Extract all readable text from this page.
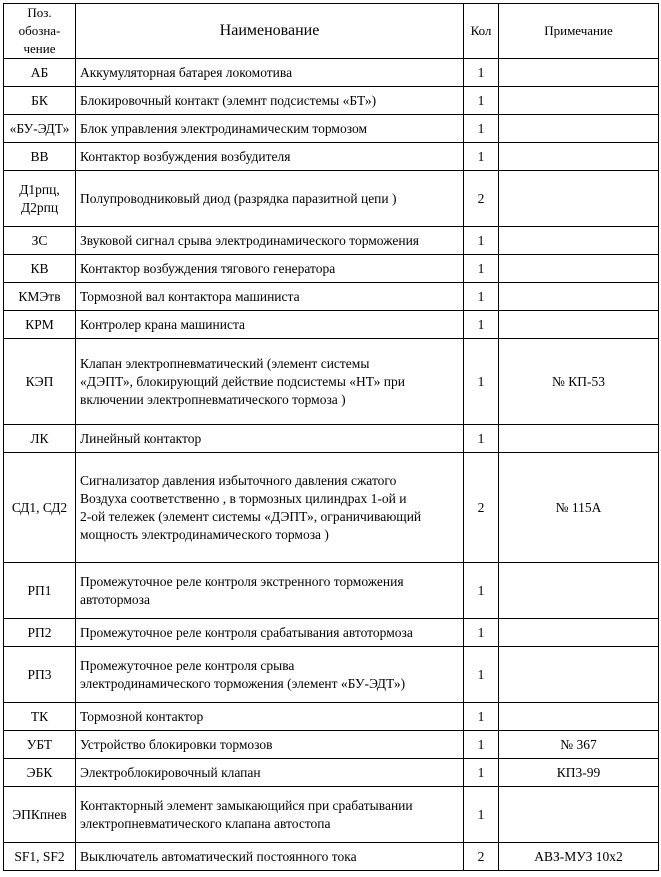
Поз.
обозна-
чение	Наименование	Кол	Примечание
АБ	Аккумуляторная батарея локомотива	1	
БК	Блокировочный контакт (элемнт подсистемы «БТ»)	1	
«БУ-ЭДТ»	Блок управления электродинамическим тормозом	1	
ВВ	Контактор возбуждения возбудителя	1	
Д1рпц,
Д2рпц	Полупроводниковый диод (разрядка паразитной цепи )	2	
ЗС	Звуковой сигнал срыва электродинамического торможения	1	
КВ	Контактор возбуждения тягового генератора	1	
КМЭтв	Тормозной вал контактора машиниста	1	
КРМ	Контролер крана машиниста	1	
КЭП	Клапан электропневматический (элемент системы
«ДЭПТ», блокирующий действие подсистемы «НТ» при
включении электропневматического тормоза )	1	№ КП-53
ЛК	Линейный контактор	1	
СД1, СД2	Сигнализатор давления избыточного давления сжатого
Воздуха соответственно , в тормозных цилиндрах 1-ой и
2-ой тележек (элемент системы «ДЭПТ», ограничивающий
мощность электродинамического тормоза )	2	№ 115А
РП1	Промежуточное реле контроля экстренного торможения
автотормоза	1	
РП2	Промежуточное реле контроля срабатывания автотормоза	1	
РП3	Промежуточное реле контроля срыва
электродинамического торможения (элемент «БУ-ЭДТ»)	1	
ТК	Тормозной контактор	1	
УБТ	Устройство блокировки тормозов	1	№ 367
ЭБК	Электроблокировочный клапан	1	КП3-99
ЭПКпнев	Контакторный элемент замыкающийся при срабатывании
электропневматического клапана автостопа	1	
SF1, SF2	Выключатель автоматический постоянного тока	2	АВЗ-МУЗ 10х2
